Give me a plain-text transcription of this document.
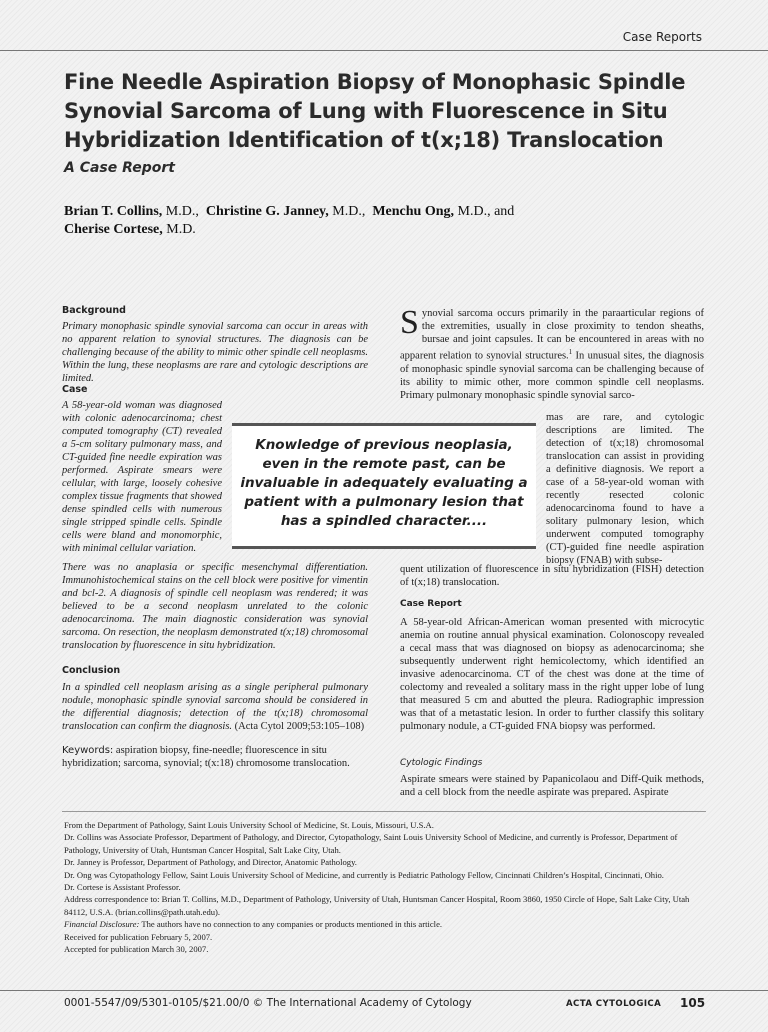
Case Reports
Fine Needle Aspiration Biopsy of Monophasic Spindle
Synovial Sarcoma of Lung with Fluorescence in Situ
Hybridization Identification of t(x;18) Translocation
A Case Report
Brian T. Collins, M.D., Christine G. Janney, M.D., Menchu Ong, M.D., and
Cherise Cortese, M.D.
Background
Primary monophasic spindle synovial sarcoma can occur in areas with no apparent relation to synovial structures. The diagnosis can be challenging because of the ability to mimic other spindle cell neoplasms. Within the lung, these neoplasms are rare and cytologic descriptions are limited.
Case
A 58-year-old woman was diagnosed with colonic adenocarcinoma; chest computed tomography (CT) revealed a 5-cm solitary pulmonary mass, and CT-guided fine needle expiration was performed. Aspirate smears were cellular, with large, loosely cohesive complex tissue fragments that showed dense spindled cells with numerous single stripped spindle cells. Spindle cells were bland and monomorphic, with minimal cellular variation.
There was no anaplasia or specific mesenchymal differentiation. Immunohistochemical stains on the cell block were positive for vimentin and bcl-2. A diagnosis of spindle cell neoplasm was rendered; it was believed to be a second neoplasm unrelated to the colonic adenocarcinoma. The main diagnostic consideration was synovial sarcoma. On resection, the neoplasm demonstrated t(x;18) chromosomal translocation by fluorescence in situ hybridization.
Conclusion
In a spindled cell neoplasm arising as a single peripheral pulmonary nodule, monophasic spindle synovial sarcoma should be considered in the differential diagnosis; detection of the t(x;18) chromosomal translocation can confirm the diagnosis. (Acta Cytol 2009;53:105–108)
Keywords: aspiration biopsy, fine-needle; fluorescence in situ hybridization; sarcoma, synovial; t(x:18) chromosome translocation.
Knowledge of previous neoplasia, even in the remote past, can be invaluable in adequately evaluating a patient with a pulmonary lesion that has a spindled character....
Synovial sarcoma occurs primarily in the paraarticular regions of the extremities, usually in close proximity to tendon sheaths, bursae and joint capsules. It can be encountered in areas with no apparent relation to synovial structures.$^1$ In unusual sites, the diagnosis of monophasic spindle synovial sarcoma can be challenging because of its ability to mimic other, more common spindle cell neoplasms. Primary pulmonary monophasic spindle synovial sarco-
mas are rare, and cytologic descriptions are limited. The detection of t(x;18) chromosomal translocation can assist in providing a definitive diagnosis. We report a case of a 58-year-old woman with recently resected colonic adenocarcinoma found to have a solitary pulmonary lesion, which underwent computed tomography (CT)-guided fine needle aspiration biopsy (FNAB) with subse-
quent utilization of fluorescence in situ hybridization (FISH) detection of t(x;18) translocation.
Case Report
A 58-year-old African-American woman presented with microcytic anemia on routine annual physical examination. Colonoscopy revealed a cecal mass that was diagnosed on biopsy as adenocarcinoma; she subsequently underwent right hemicolectomy, which identified an invasive adenocarcinoma. CT of the chest was done at the time of colectomy and revealed a solitary mass in the right upper lobe of lung that measured 5 cm and abutted the pleura. Radiographic impression was that of a metastatic lesion. In order to further classify this solitary pulmonary nodule, a CT-guided FNA biopsy was performed.
Cytologic Findings
Aspirate smears were stained by Papanicolaou and Diff-Quik methods, and a cell block from the needle aspirate was prepared. Aspirate

From the Department of Pathology, Saint Louis University School of Medicine, St. Louis, Missouri, U.S.A.

Dr. Collins was Associate Professor, Department of Pathology, and Director, Cytopathology, Saint Louis University School of Medicine, and currently is Professor, Department of Pathology, University of Utah, Huntsman Cancer Hospital, Salt Lake City, Utah.

Dr. Janney is Professor, Department of Pathology, and Director, Anatomic Pathology.

Dr. Ong was Cytopathology Fellow, Saint Louis University School of Medicine, and currently is Pediatric Pathology Fellow, Cincinnati Children’s Hospital, Cincinnati, Ohio.

Dr. Cortese is Assistant Professor.

Address correspondence to: Brian T. Collins, M.D., Department of Pathology, University of Utah, Huntsman Cancer Hospital, Room 3860, 1950 Circle of Hope, Salt Lake City, Utah 84112, U.S.A. (brian.collins@path.utah.edu).

Financial Disclosure: The authors have no connection to any companies or products mentioned in this article.

Received for publication February 5, 2007.

Accepted for publication March 30, 2007.

0001-5547/09/5301-0105/$21.00/0 © The International Academy of Cytology	ACTA CYTOLOGICA 105
